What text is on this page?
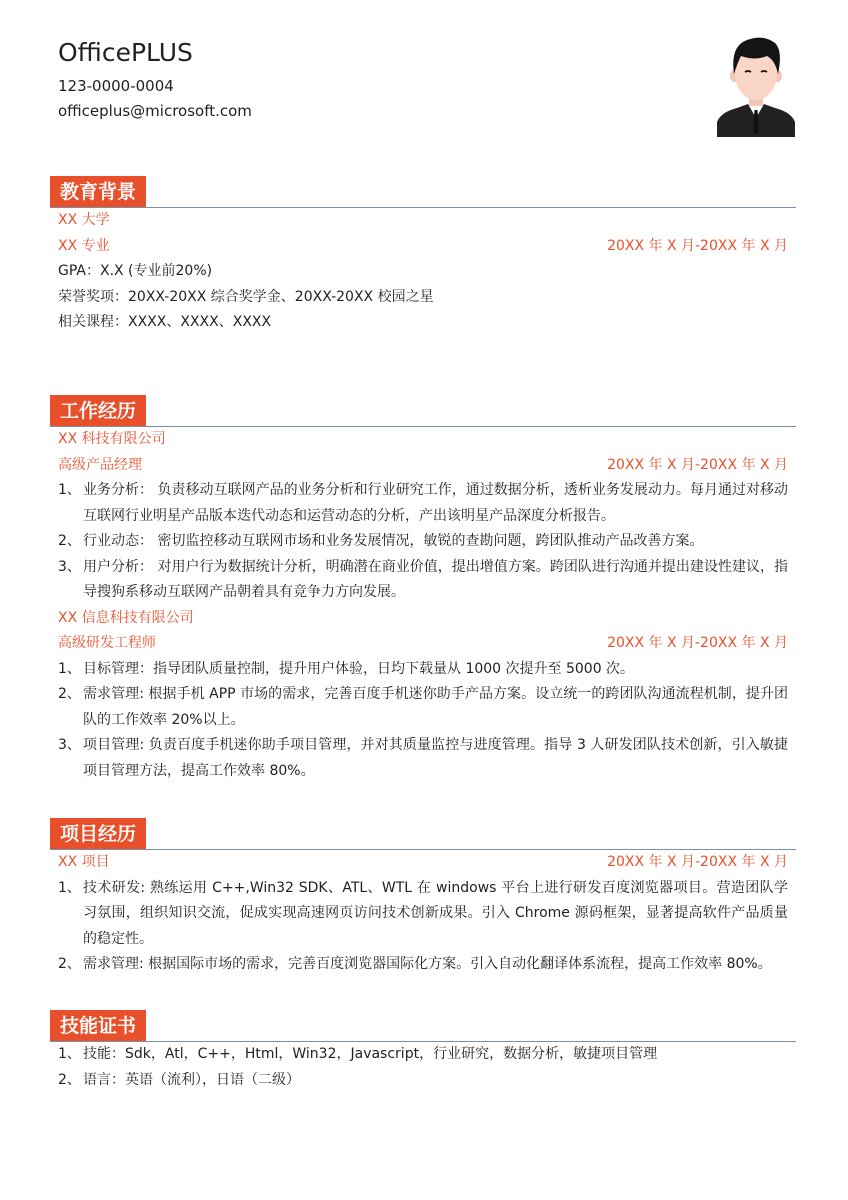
OfficePLUS
123-0000-0004
officeplus@microsoft.com
教育背景
XX 大学
XX 专业	20XX 年 X 月-20XX 年 X 月
GPA：X.X (专业前20%)
荣誉奖项：20XX-20XX 综合奖学金、20XX-20XX 校园之星
相关课程：XXXX、XXXX、XXXX
工作经历
XX 科技有限公司
高级产品经理	20XX 年 X 月-20XX 年 X 月
1、 业务分析： 负责移动互联网产品的业务分析和行业研究工作，通过数据分析，透析业务发展动力。每月通过对移动互联网行业明星产品版本迭代动态和运营动态的分析，产出该明星产品深度分析报告。
2、 行业动态： 密切监控移动互联网市场和业务发展情况，敏锐的查勘问题，跨团队推动产品改善方案。
3、 用户分析： 对用户行为数据统计分析，明确潜在商业价值，提出增值方案。跨团队进行沟通并提出建设性建议，指导搜狗系移动互联网产品朝着具有竞争力方向发展。
XX 信息科技有限公司
高级研发工程师	20XX 年 X 月-20XX 年 X 月
1、 目标管理：指导团队质量控制，提升用户体验，日均下载量从 1000 次提升至 5000 次。
2、 需求管理: 根据手机 APP 市场的需求，完善百度手机迷你助手产品方案。设立统一的跨团队沟通流程机制，提升团队的工作效率 20%以上。
3、 项目管理: 负责百度手机迷你助手项目管理，并对其质量监控与进度管理。指导 3 人研发团队技术创新，引入敏捷项目管理方法，提高工作效率 80%。
项目经历
XX 项目	20XX 年 X 月-20XX 年 X 月
1、 技术研发: 熟练运用 C++,Win32 SDK、ATL、WTL 在 windows 平台上进行研发百度浏览器项目。营造团队学习氛围，组织知识交流，促成实现高速网页访问技术创新成果。引入 Chrome 源码框架，显著提高软件产品质量的稳定性。
2、 需求管理: 根据国际市场的需求，完善百度浏览器国际化方案。引入自动化翻译体系流程，提高工作效率 80%。
技能证书
1、 技能：Sdk，Atl，C++，Html，Win32，Javascript，行业研究，数据分析，敏捷项目管理
2、 语言：英语（流利），日语（二级）
